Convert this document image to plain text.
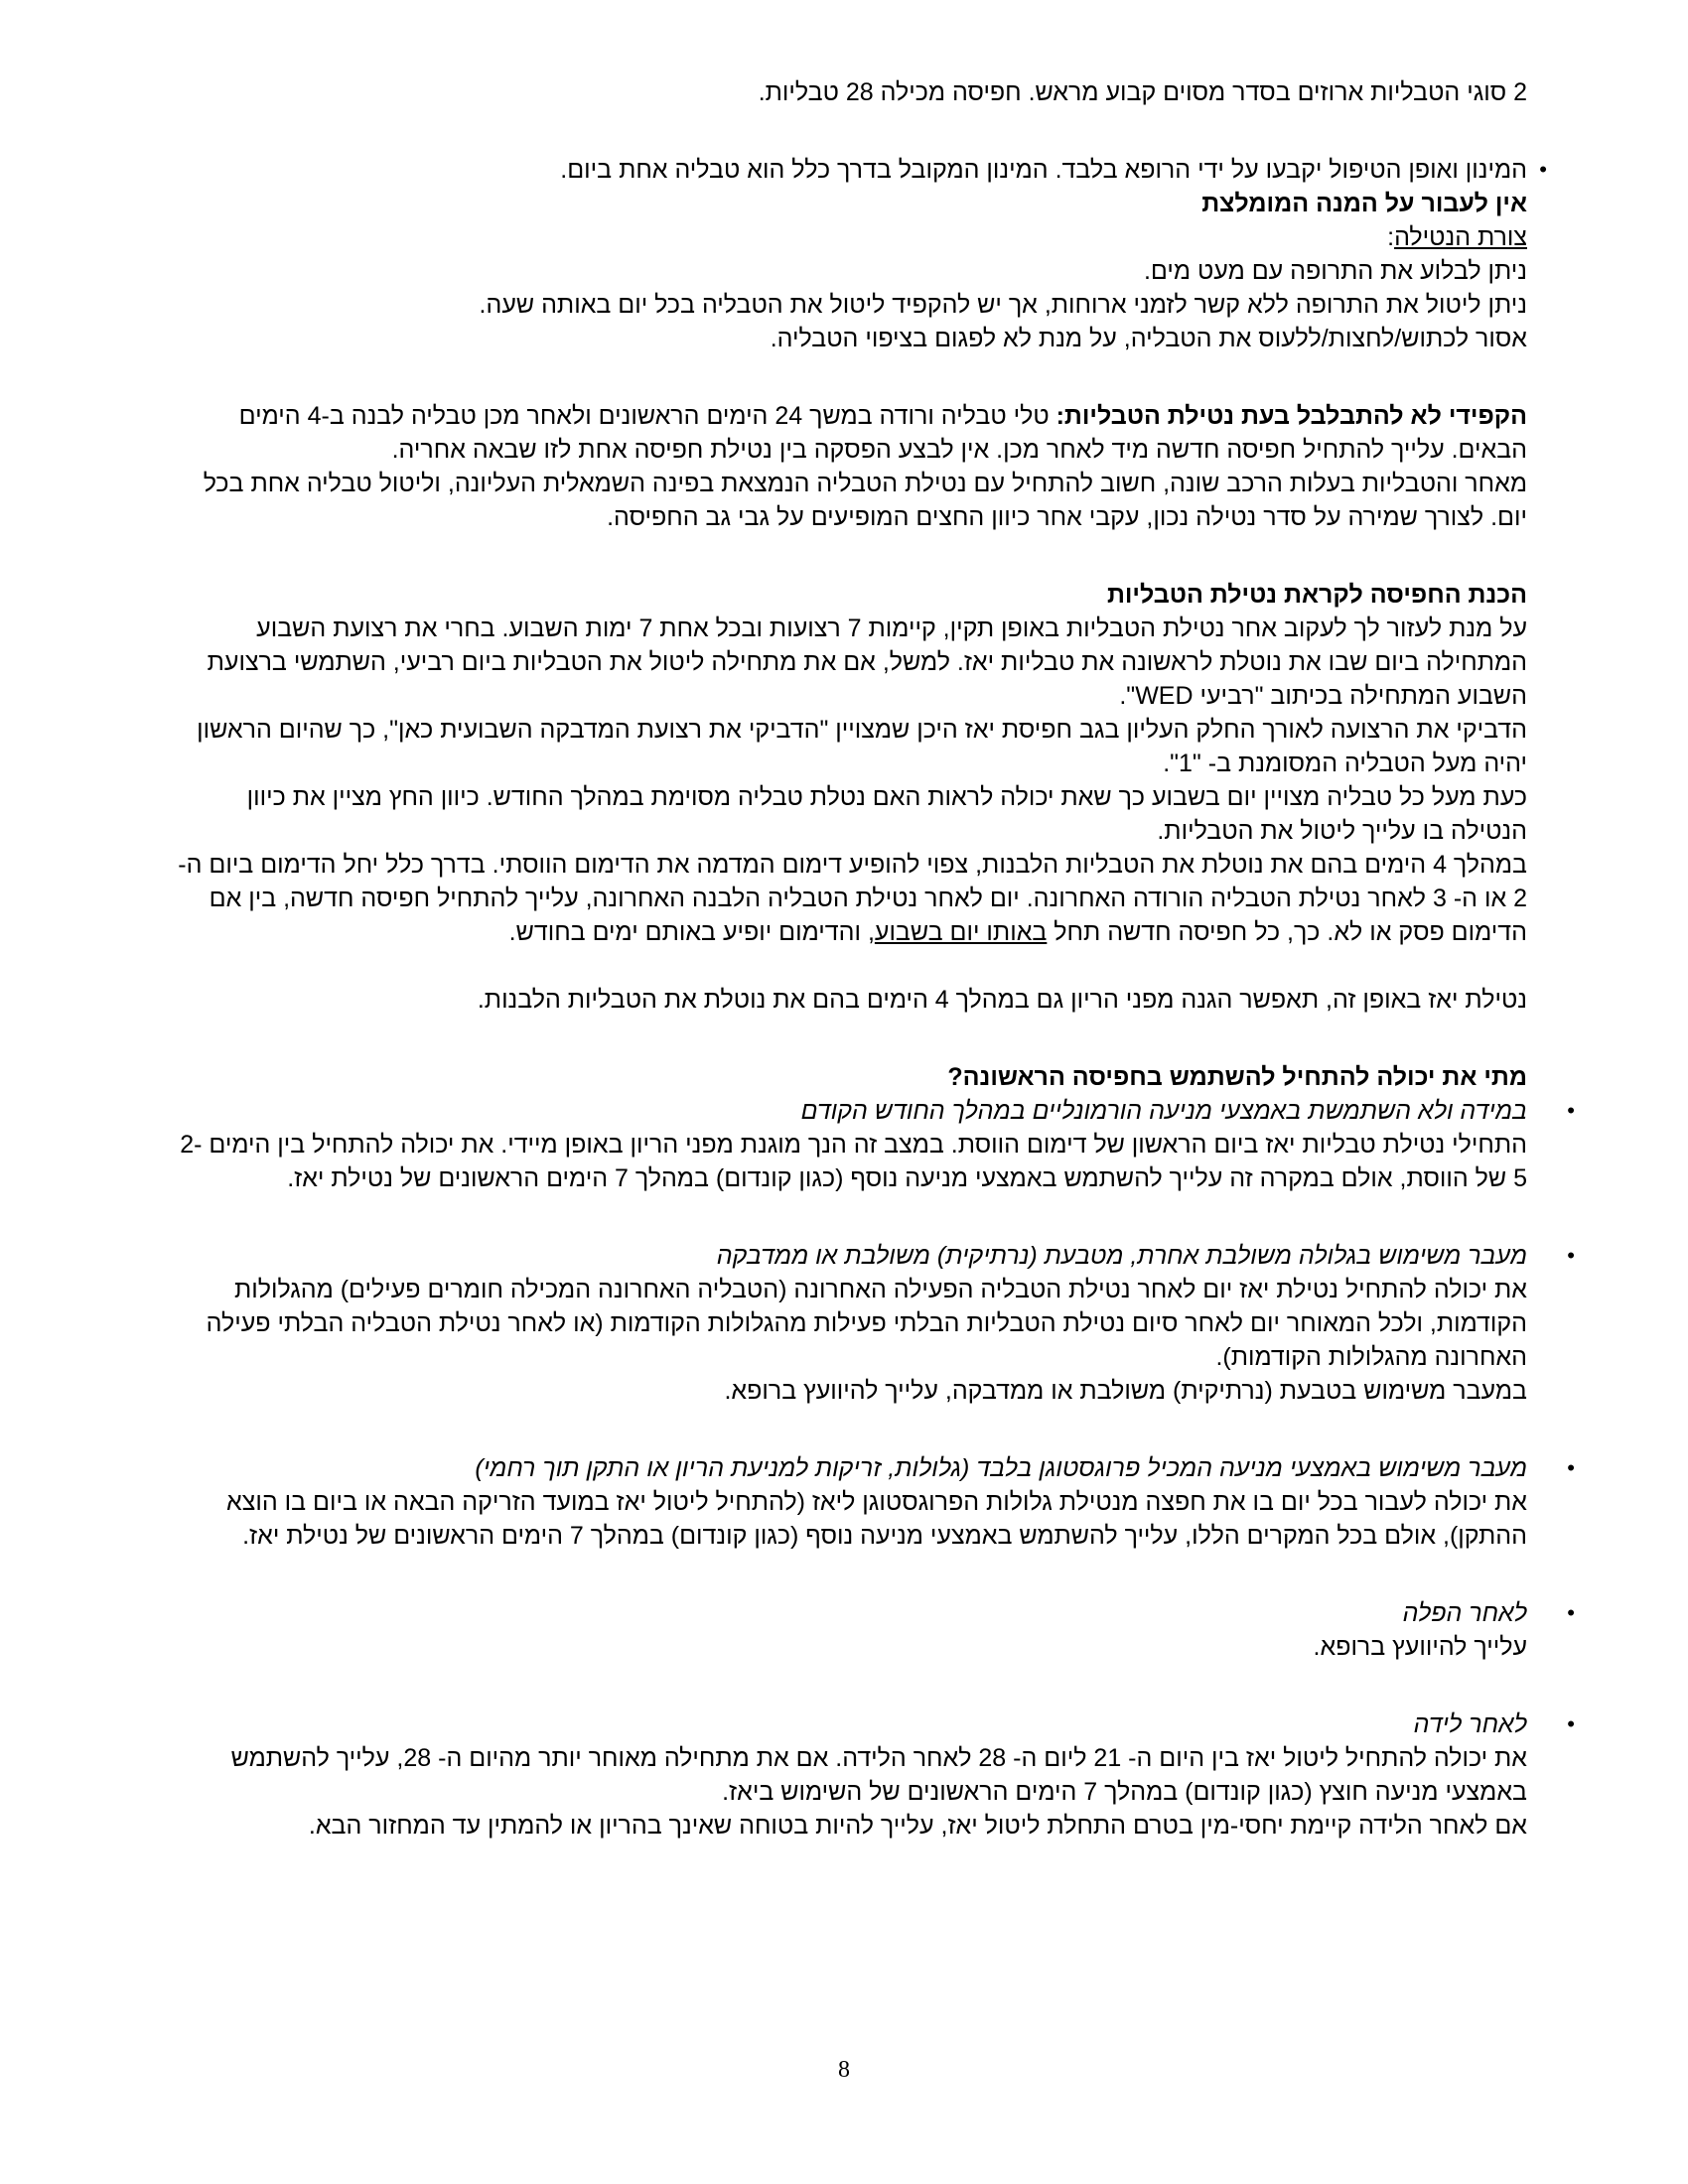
2 סוגי הטבליות ארוזים בסדר מסוים קבוע מראש. חפיסה מכילה 28 טבליות.

•

המינון ואופן הטיפול יקבעו על ידי הרופא בלבד. המינון המקובל בדרך כלל הוא טבליה אחת ביום.

אין לעבור על המנה המומלצת

צורת הנטילה:

ניתן לבלוע את התרופה עם מעט מים.

ניתן ליטול את התרופה ללא קשר לזמני ארוחות, אך יש להקפיד ליטול את הטבליה בכל יום באותה שעה.

אסור לכתוש/לחצות/ללעוס את הטבליה, על מנת לא לפגום בציפוי הטבליה.

הקפידי לא להתבלבל בעת נטילת הטבליות: טלי טבליה ורודה במשך 24 הימים הראשונים ולאחר מכן טבליה לבנה ב-4 הימים הבאים. עלייך להתחיל חפיסה חדשה מיד לאחר מכן. אין לבצע הפסקה בין נטילת חפיסה אחת לזו שבאה אחריה.

מאחר והטבליות בעלות הרכב שונה, חשוב להתחיל עם נטילת הטבליה הנמצאת בפינה השמאלית העליונה, וליטול טבליה אחת בכל יום. לצורך שמירה על סדר נטילה נכון, עקבי אחר כיוון החצים המופיעים על גבי גב החפיסה.

הכנת החפיסה לקראת נטילת הטבליות

על מנת לעזור לך לעקוב אחר נטילת הטבליות באופן תקין, קיימות 7 רצועות ובכל אחת 7 ימות השבוע. בחרי את רצועת השבוע המתחילה ביום שבו את נוטלת לראשונה את טבליות יאז. למשל, אם את מתחילה ליטול את הטבליות ביום רביעי, השתמשי ברצועת השבוע המתחילה בכיתוב "רביעי WED".

הדביקי את הרצועה לאורך החלק העליון בגב חפיסת יאז היכן שמצויין "הדביקי את רצועת המדבקה השבועית כאן", כך שהיום הראשון יהיה מעל הטבליה המסומנת ב- "1".

כעת מעל כל טבליה מצויין יום בשבוע כך שאת יכולה לראות האם נטלת טבליה מסוימת במהלך החודש. כיוון החץ מציין את כיוון הנטילה בו עלייך ליטול את הטבליות.

במהלך 4 הימים בהם את נוטלת את הטבליות הלבנות, צפוי להופיע דימום המדמה את הדימום הווסתי. בדרך כלל יחל הדימום ביום ה- 2 או ה- 3 לאחר נטילת הטבליה הורודה האחרונה. יום לאחר נטילת הטבליה הלבנה האחרונה, עלייך להתחיל חפיסה חדשה, בין אם הדימום פסק או לא. כך, כל חפיסה חדשה תחל באותו יום בשבוע, והדימום יופיע באותם ימים בחודש.

נטילת יאז באופן זה, תאפשר הגנה מפני הריון גם במהלך 4 הימים בהם את נוטלת את הטבליות הלבנות.

מתי את יכולה להתחיל להשתמש בחפיסה הראשונה?

•

במידה ולא השתמשת באמצעי מניעה הורמונליים במהלך החודש הקודם

התחילי נטילת טבליות יאז ביום הראשון של דימום הווסת. במצב זה הנך מוגנת מפני הריון באופן מיידי. את יכולה להתחיל בין הימים 2-5 של הווסת, אולם במקרה זה עלייך להשתמש באמצעי מניעה נוסף (כגון קונדום) במהלך 7 הימים הראשונים של נטילת יאז.

•

מעבר משימוש בגלולה משולבת אחרת, מטבעת (נרתיקית) משולבת או ממדבקה

את יכולה להתחיל נטילת יאז יום לאחר נטילת הטבליה הפעילה האחרונה (הטבליה האחרונה המכילה חומרים פעילים) מהגלולות הקודמות, ולכל המאוחר יום לאחר סיום נטילת הטבליות הבלתי פעילות מהגלולות הקודמות (או לאחר נטילת הטבליה הבלתי פעילה האחרונה מהגלולות הקודמות).

במעבר משימוש בטבעת (נרתיקית) משולבת או ממדבקה, עלייך להיוועץ ברופא.

•

מעבר משימוש באמצעי מניעה המכיל פרוגסטוגן בלבד (גלולות, זריקות למניעת הריון או התקן תוך רחמי)

את יכולה לעבור בכל יום בו את חפצה מנטילת גלולות הפרוגסטוגן ליאז (להתחיל ליטול יאז במועד הזריקה הבאה או ביום בו הוצא ההתקן), אולם בכל המקרים הללו, עלייך להשתמש באמצעי מניעה נוסף (כגון קונדום) במהלך 7 הימים הראשונים של נטילת יאז.

•

לאחר הפלה

עלייך להיוועץ ברופא.

•

לאחר לידה

את יכולה להתחיל ליטול יאז בין היום ה- 21 ליום ה- 28 לאחר הלידה. אם את מתחילה מאוחר יותר מהיום ה- 28, עלייך להשתמש באמצעי מניעה חוצץ (כגון קונדום) במהלך 7 הימים הראשונים של השימוש ביאז.

אם לאחר הלידה קיימת יחסי-מין בטרם התחלת ליטול יאז, עלייך להיות בטוחה שאינך בהריון או להמתין עד המחזור הבא.

8
